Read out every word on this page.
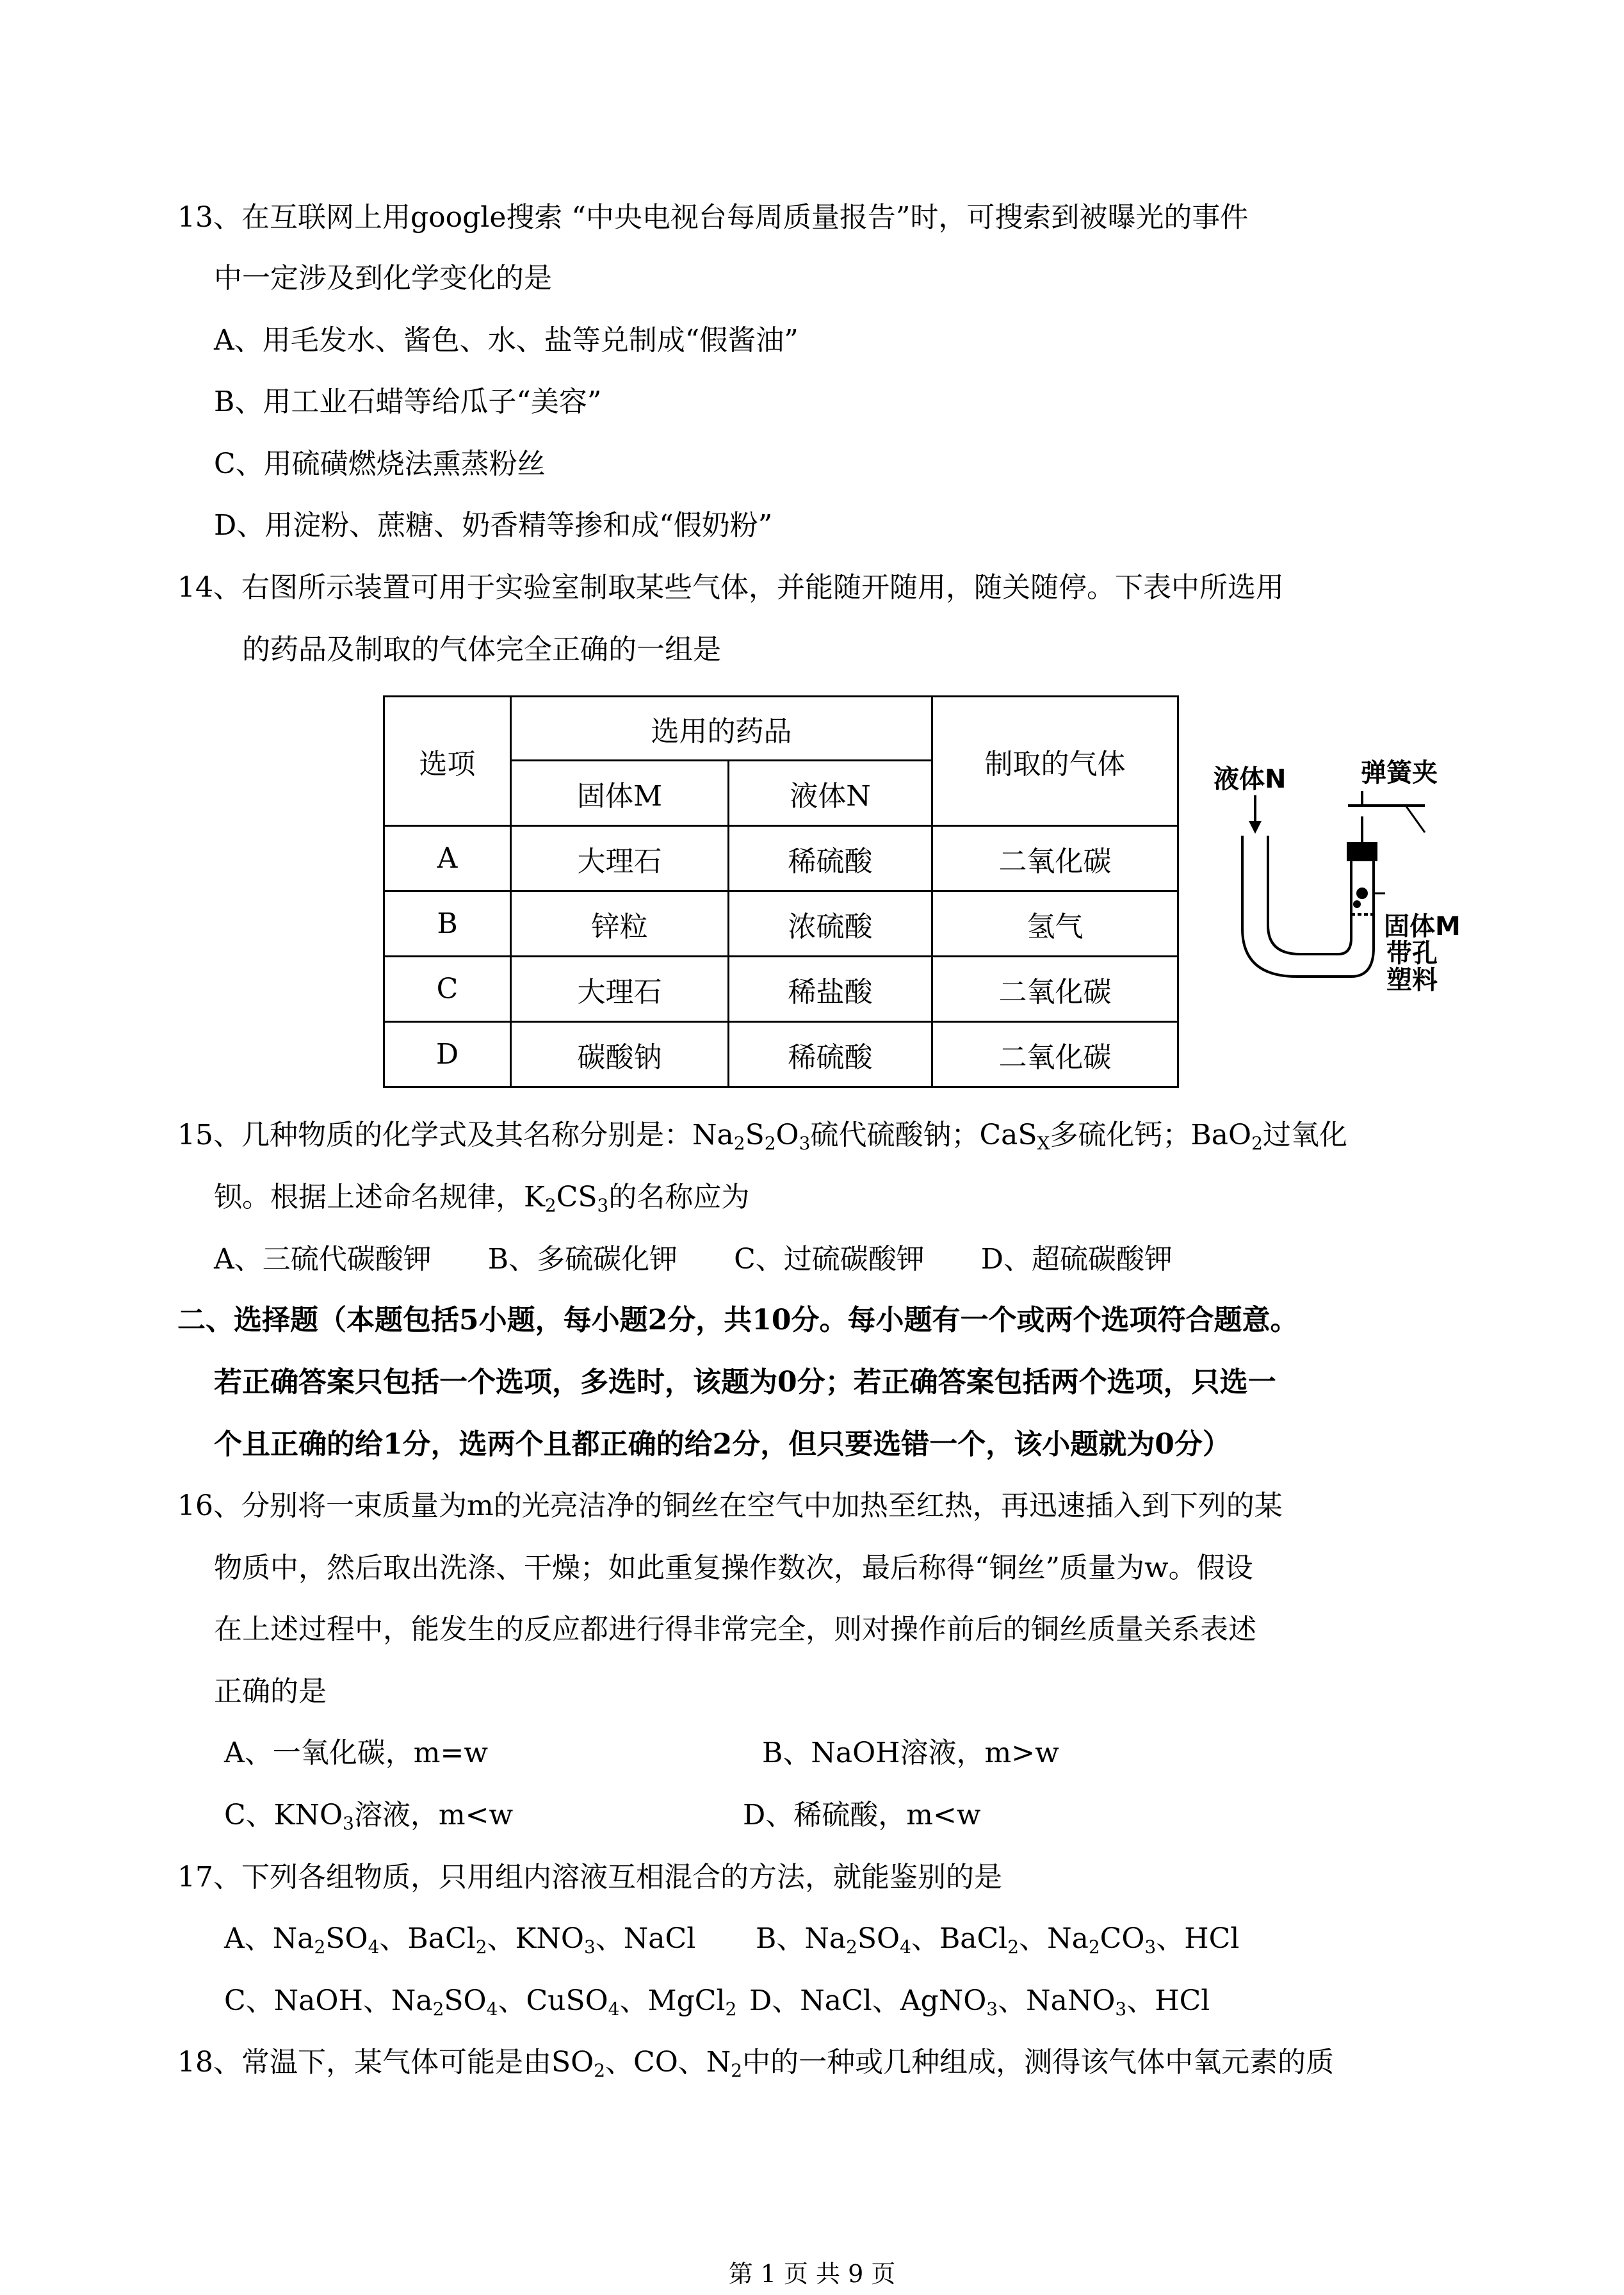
13、在互联网上用google搜索 “中央电视台每周质量报告”时，可搜索到被曝光的事件
中一定涉及到化学变化的是
A、用毛发水、酱色、水、盐等兑制成“假酱油”
B、用工业石蜡等给瓜子“美容”
C、用硫磺燃烧法熏蒸粉丝
D、用淀粉、蔗糖、奶香精等掺和成“假奶粉”
14、右图所示装置可用于实验室制取某些气体，并能随开随用，随关随停。下表中所选用
的药品及制取的气体完全正确的一组是
选项	选用的药品		制取的气体
	固体M	液体N	
A	大理石	稀硫酸	二氧化碳
B	锌粒	浓硫酸	氢气
C	大理石	稀盐酸	二氧化碳
D	碳酸钠	稀硫酸	二氧化碳
液体N	弹簧夹
固体M
带孔
塑料
15、几种物质的化学式及其名称分别是：$Na_2S_2O_3$硫代硫酸钠；CaS$_X$多硫化钙；BaO$_2$过氧化
钡。根据上述命名规律，$K_2CS_3$的名称应为
A、三硫代碳酸钾　　B、多硫碳化钾　　C、过硫碳酸钾　　D、超硫碳酸钾
二、选择题（本题包括5小题，每小题2分，共10分。每小题有一个或两个选项符合题意。
若正确答案只包括一个选项，多选时，该题为0分；若正确答案包括两个选项，只选一
个且正确的给1分，选两个且都正确的给2分，但只要选错一个，该小题就为0分）
16、分别将一束质量为m的光亮洁净的铜丝在空气中加热至红热，再迅速插入到下列的某
物质中，然后取出洗涤、干燥；如此重复操作数次，最后称得“铜丝”质量为w。假设
在上述过程中，能发生的反应都进行得非常完全，则对操作前后的铜丝质量关系表述
正确的是
A、一氧化碳，m=w	B、NaOH溶液，m>w
C、$KNO_3$溶液，m<w	D、稀硫酸，m<w
17、下列各组物质，只用组内溶液互相混合的方法，就能鉴别的是
A、$Na_2SO_4$、BaCl$_2$、$KNO_3$、NaCl B、$Na_2SO_4$、BaCl$_2$、$Na_2CO_3$、HCl
C、NaOH、$Na_2SO_4$、CuSO$_4$、MgCl$_2$ D、NaCl、AgNO$_3$、NaNO$_3$、HCl
18、常温下，某气体可能是由$SO_2$、CO、$N_2$中的一种或几种组成，测得该气体中氧元素的质
第 1 页 共 9 页
